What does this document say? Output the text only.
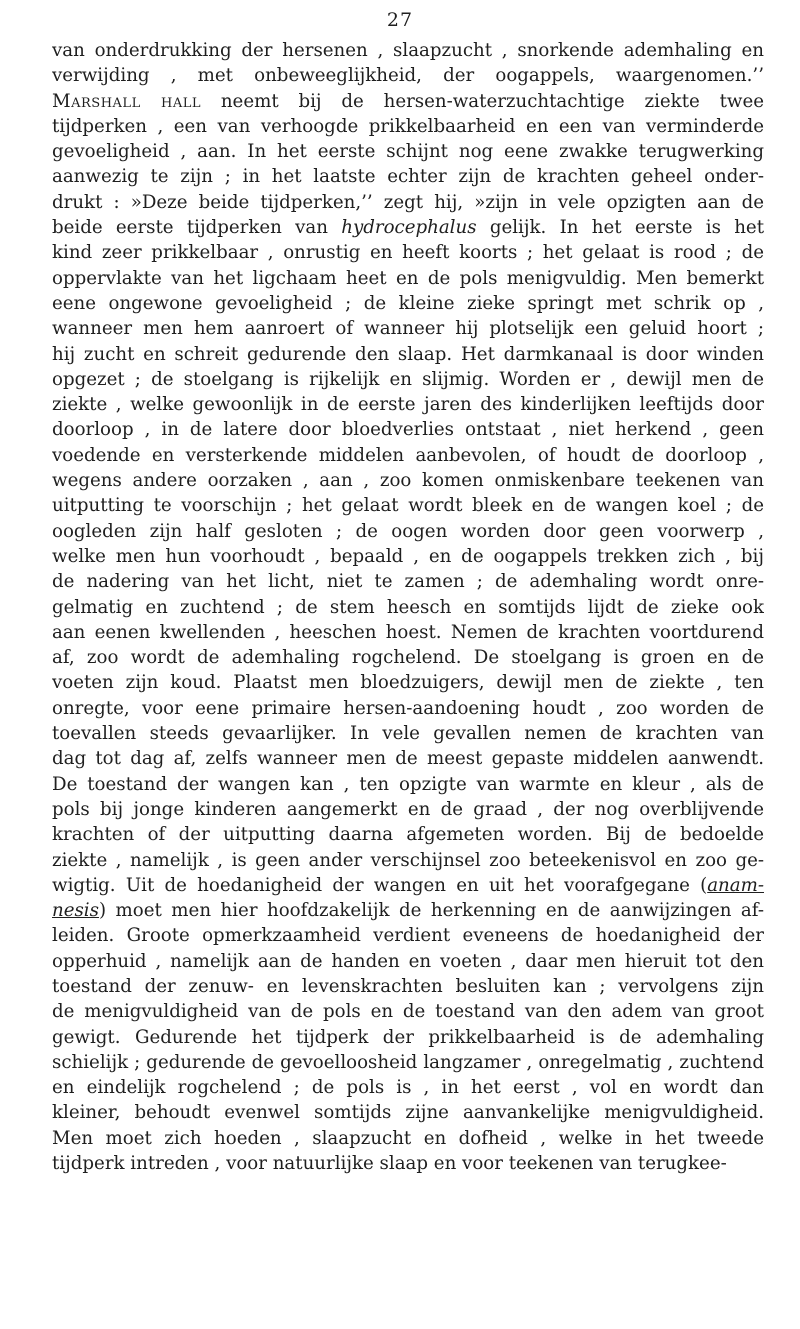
27
van onderdrukking der hersenen , slaapzucht , snorkende ademhaling en
verwijding , met onbeweeglijkheid, der oogappels, waargenomen.’’
Marshall hall neemt bij de hersen-waterzuchtachtige ziekte twee
tijdperken , een van verhoogde prikkelbaarheid en een van verminderde
gevoeligheid , aan. In het eerste schijnt nog eene zwakke terugwerking
aanwezig te zijn ; in het laatste echter zijn de krachten geheel onder-
drukt : »Deze beide tijdperken,’’ zegt hij, »zijn in vele opzigten aan de
beide eerste tijdperken van hydrocephalus gelijk. In het eerste is het
kind zeer prikkelbaar , onrustig en heeft koorts ; het gelaat is rood ; de
oppervlakte van het ligchaam heet en de pols menigvuldig. Men bemerkt
eene ongewone gevoeligheid ; de kleine zieke springt met schrik op ,
wanneer men hem aanroert of wanneer hij plotselijk een geluid hoort ;
hij zucht en schreit gedurende den slaap. Het darmkanaal is door winden
opgezet ; de stoelgang is rijkelijk en slijmig. Worden er , dewijl men de
ziekte , welke gewoonlijk in de eerste jaren des kinderlijken leeftijds door
doorloop , in de latere door bloedverlies ontstaat , niet herkend , geen
voedende en versterkende middelen aanbevolen, of houdt de doorloop ,
wegens andere oorzaken , aan , zoo komen onmiskenbare teekenen van
uitputting te voorschijn ; het gelaat wordt bleek en de wangen koel ; de
oogleden zijn half gesloten ; de oogen worden door geen voorwerp ,
welke men hun voorhoudt , bepaald , en de oogappels trekken zich , bij
de nadering van het licht, niet te zamen ; de ademhaling wordt onre-
gelmatig en zuchtend ; de stem heesch en somtijds lijdt de zieke ook
aan eenen kwellenden , heeschen hoest. Nemen de krachten voortdurend
af, zoo wordt de ademhaling rogchelend. De stoelgang is groen en de
voeten zijn koud. Plaatst men bloedzuigers, dewijl men de ziekte , ten
onregte, voor eene primaire hersen-aandoening houdt , zoo worden de
toevallen steeds gevaarlijker. In vele gevallen nemen de krachten van
dag tot dag af, zelfs wanneer men de meest gepaste middelen aanwendt.
De toestand der wangen kan , ten opzigte van warmte en kleur , als de
pols bij jonge kinderen aangemerkt en de graad , der nog overblijvende
krachten of der uitputting daarna afgemeten worden. Bij de bedoelde
ziekte , namelijk , is geen ander verschijnsel zoo beteekenisvol en zoo ge-
wigtig. Uit de hoedanigheid der wangen en uit het voorafgegane (anam-
nesis) moet men hier hoofdzakelijk de herkenning en de aanwijzingen af-
leiden. Groote opmerkzaamheid verdient eveneens de hoedanigheid der
opperhuid , namelijk aan de handen en voeten , daar men hieruit tot den
toestand der zenuw- en levenskrachten besluiten kan ; vervolgens zijn
de menigvuldigheid van de pols en de toestand van den adem van groot
gewigt. Gedurende het tijdperk der prikkelbaarheid is de ademhaling
schielijk ; gedurende de gevoelloosheid langzamer , onregelmatig , zuchtend
en eindelijk rogchelend ; de pols is , in het eerst , vol en wordt dan
kleiner, behoudt evenwel somtijds zijne aanvankelijke menigvuldigheid.
Men moet zich hoeden , slaapzucht en dofheid , welke in het tweede
tijdperk intreden , voor natuurlijke slaap en voor teekenen van terugkee-
